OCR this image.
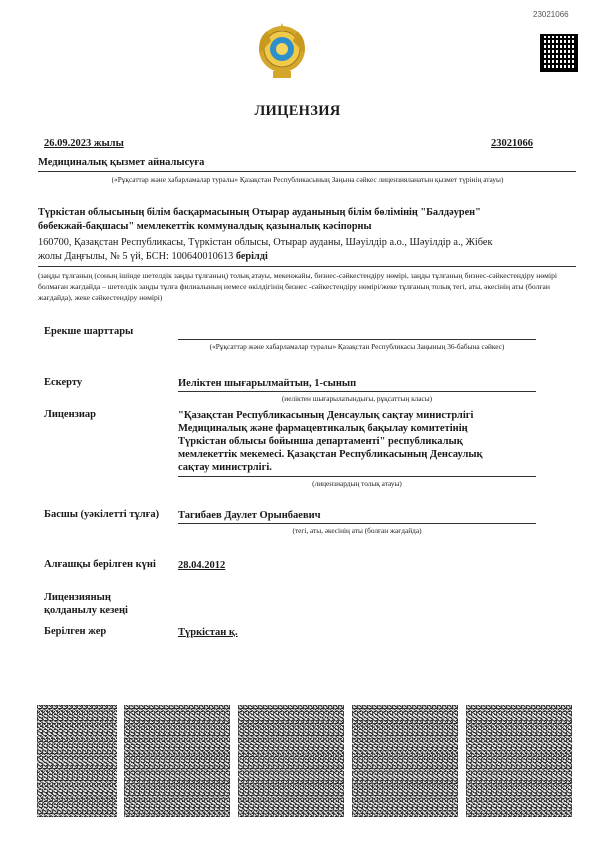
23021066
ЛИЦЕНЗИЯ
26.09.2023 жылы	23021066
Медициналық қызмет айналысуға
(«Рұқсаттар және хабарламалар туралы» Қазақстан Республикасының Заңына сәйкес лицензияланатын қызмет түрінің атауы)
Түркістан облысының білім басқармасының Отырар ауданының білім бөлімінің "Балдәурен"
бөбекжай-бақшасы" мемлекеттік коммуналдық қазыналық кәсіпорны
160700, Қазақстан Республикасы, Түркістан облысы, Отырар ауданы, Шәуілдір а.о., Шәуілдір а., Жібек
жолы Даңғылы, № 5 үй, БСН: 100640010613 берілді
(заңды тұлғаның (соның ішінде шетелдік заңды тұлғаның) толық атауы, мекенжайы, бизнес-сәйкестендіру нөмірі, заңды тұлғаның бизнес-сәйкестендіру нөмірі болмаған жағдайда – шетелдік заңды тұлға филиалының немесе өкілдігінің бизнес -сәйкестендіру нөмірі/жеке тұлғаның толық тегі, аты, әкесінің аты (болған жағдайда), жеке сәйкестендіру нөмірі)
Ерекше шарттары
(«Рұқсаттар және хабарламалар туралы» Қазақстан Республикасы Заңының 36-бабына сәйкес)
Ескерту	Иеліктен шығарылмайтын, 1-сынып
(иеліктен шығарылатындығы, рұқсаттың класы)
Лицензиар	"Қазақстан Республикасының Денсаулық сақтау министрлігі
Медициналық және фармацевтикалық бақылау комитетінің
Түркістан облысы бойынша департаменті" республикалық
мемлекеттік мекемесі. Қазақстан Республикасының Денсаулық
сақтау министрлігі.
(лицензиардың толық атауы)
Басшы (уәкілетті тұлға) Тагибаев Даулет Орынбаевич
(тегі, аты, әкесінің аты (болған жағдайда)
Алғашқы берілген күні 28.04.2012
Лицензияның
қолданылу кезеңі
Берілген жер	Түркістан қ.
